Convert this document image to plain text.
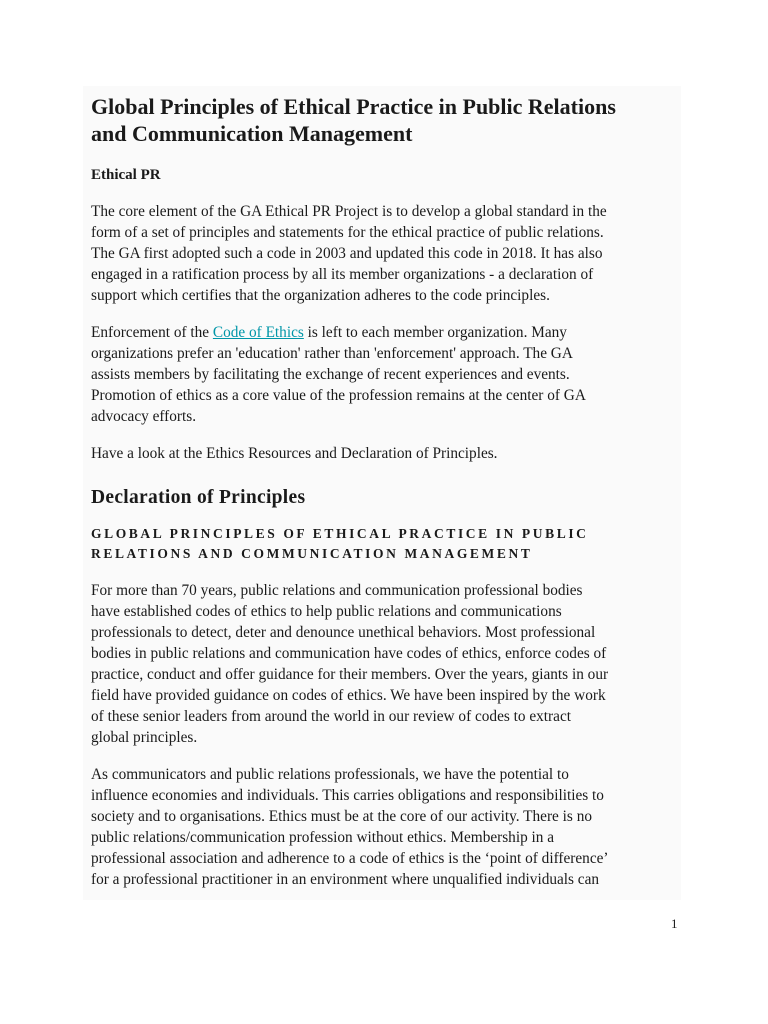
Global Principles of Ethical Practice in Public Relations
and Communication Management

Ethical PR

The core element of the GA Ethical PR Project is to develop a global standard in the
form of a set of principles and statements for the ethical practice of public relations.
The GA first adopted such a code in 2003 and updated this code in 2018. It has also
engaged in a ratification process by all its member organizations - a declaration of
support which certifies that the organization adheres to the code principles.

Enforcement of the Code of Ethics is left to each member organization. Many
organizations prefer an 'education' rather than 'enforcement' approach. The GA
assists members by facilitating the exchange of recent experiences and events.
Promotion of ethics as a core value of the profession remains at the center of GA
advocacy efforts.

Have a look at the Ethics Resources and Declaration of Principles.

Declaration of Principles
GLOBAL PRINCIPLES OF ETHICAL PRACTICE IN PUBLIC
RELATIONS AND COMMUNICATION MANAGEMENT

For more than 70 years, public relations and communication professional bodies
have established codes of ethics to help public relations and communications
professionals to detect, deter and denounce unethical behaviors. Most professional
bodies in public relations and communication have codes of ethics, enforce codes of
practice, conduct and offer guidance for their members. Over the years, giants in our
field have provided guidance on codes of ethics. We have been inspired by the work
of these senior leaders from around the world in our review of codes to extract
global principles.

As communicators and public relations professionals, we have the potential to
influence economies and individuals. This carries obligations and responsibilities to
society and to organisations. Ethics must be at the core of our activity. There is no
public relations/communication profession without ethics. Membership in a
professional association and adherence to a code of ethics is the ‘point of difference’
for a professional practitioner in an environment where unqualified individuals can

1
